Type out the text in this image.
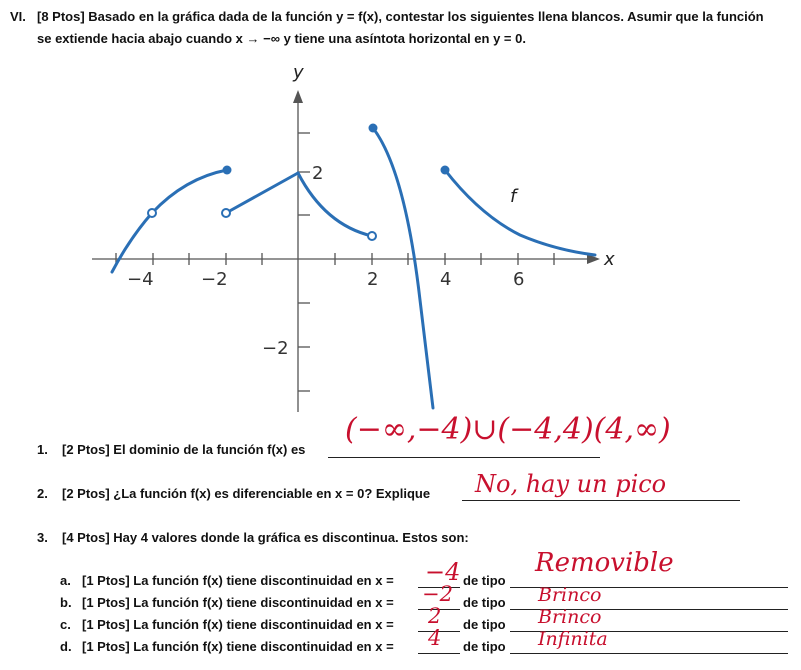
VI. [8 Ptos] Basado en la gráfica dada de la función y = f(x), contestar los siguientes llena blancos. Asumir que la función
se extiende hacia abajo cuando x → −∞ y tiene una asíntota horizontal en y = 0.
y
x
−4	−2	2	4	6
2
−2
f
1. [2 Ptos] El dominio de la función f(x) es
(−∞,−4)∪(−4,4)(4,∞)
2. [2 Ptos] ¿La función f(x) es diferenciable en x = 0? Explique No, hay un pico
3. [4 Ptos] Hay 4 valores donde la gráfica es discontinua. Estos son:
a. [1 Ptos] La función f(x) tiene discontinuidad en x = −4 de tipo
Removible
b. [1 Ptos] La función f(x) tiene discontinuidad en x = −2 de tipo Brinco
c. [1 Ptos] La función f(x) tiene discontinuidad en x = 2 de tipo Brinco
d. [1 Ptos] La función f(x) tiene discontinuidad en x = 4 de tipo Infinita
